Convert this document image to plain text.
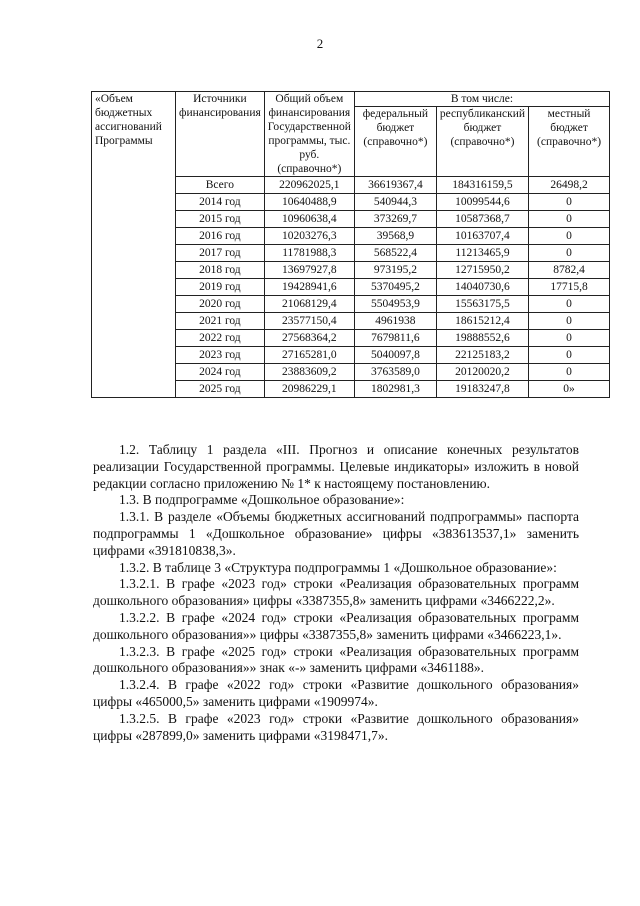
2
«Объем бюджетных ассигнований Программы	Источники финансирования	Общий объем финансирования Государственной программы, тыс. руб. (справочно*)	В том числе:		
			федеральный бюджет (справочно*)	республиканский бюджет (справочно*)	местный бюджет (справочно*)
	Всего	220962025,1	36619367,4	184316159,5	26498,2
	2014 год	10640488,9	540944,3	10099544,6	0
	2015 год	10960638,4	373269,7	10587368,7	0
	2016 год	10203276,3	39568,9	10163707,4	0
	2017 год	11781988,3	568522,4	11213465,9	0
	2018 год	13697927,8	973195,2	12715950,2	8782,4
	2019 год	19428941,6	5370495,2	14040730,6	17715,8
	2020 год	21068129,4	5504953,9	15563175,5	0
	2021 год	23577150,4	4961938	18615212,4	0
	2022 год	27568364,2	7679811,6	19888552,6	0
	2023 год	27165281,0	5040097,8	22125183,2	0
	2024 год	23883609,2	3763589,0	20120020,2	0
	2025 год	20986229,1	1802981,3	19183247,8	0»

1.2. Таблицу 1 раздела «III. Прогноз и описание конечных результатов реализации Государственной программы. Целевые индикаторы» изложить в новой редакции согласно приложению № 1* к настоящему постановлению.

1.3. В подпрограмме «Дошкольное образование»:

1.3.1. В разделе «Объемы бюджетных ассигнований подпрограммы» паспорта подпрограммы 1 «Дошкольное образование» цифры «383613537,1» заменить цифрами «391810838,3».

1.3.2. В таблице 3 «Структура подпрограммы 1 «Дошкольное образование»:

1.3.2.1. В графе «2023 год» строки «Реализация образовательных программ дошкольного образования» цифры «3387355,8» заменить цифрами «3466222,2».

1.3.2.2. В графе «2024 год» строки «Реализация образовательных программ дошкольного образования»» цифры «3387355,8» заменить цифрами «3466223,1».

1.3.2.3. В графе «2025 год» строки «Реализация образовательных программ дошкольного образования»» знак «-» заменить цифрами «3461188».

1.3.2.4. В графе «2022 год» строки «Развитие дошкольного образования» цифры «465000,5» заменить цифрами «1909974».

1.3.2.5. В графе «2023 год» строки «Развитие дошкольного образования» цифры «287899,0» заменить цифрами «3198471,7».
